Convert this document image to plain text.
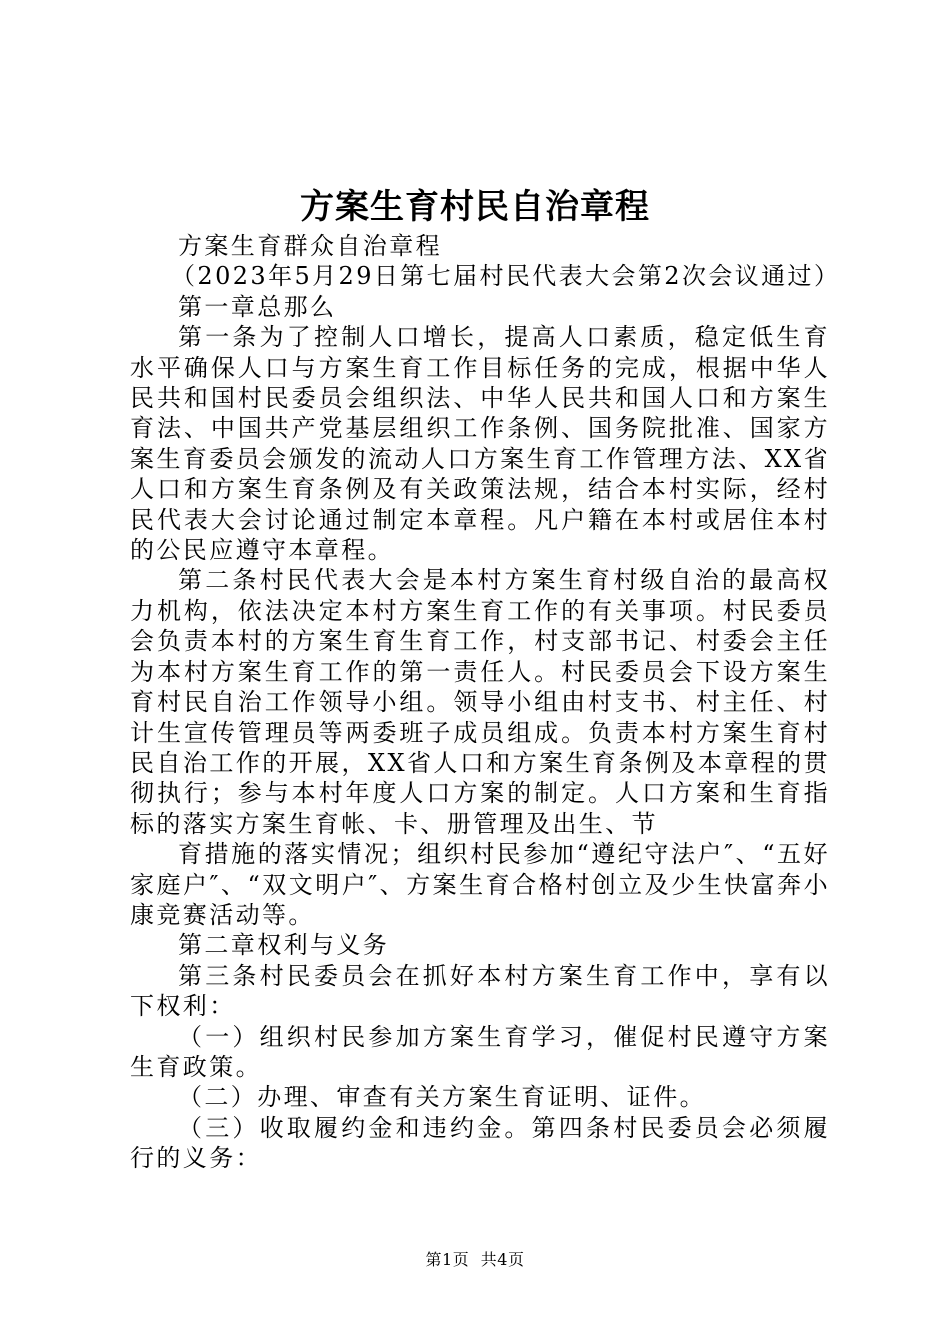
方案生育村民自治章程

方案生育群众自治章程

（2023年5月29日第七届村民代表大会第2次会议通过）

第一章总那么

第一条为了控制人口增长，提高人口素质，稳定低生育水平确保人口与方案生育工作目标任务的完成，根据中华人民共和国村民委员会组织法、中华人民共和国人口和方案生育法、中国共产党基层组织工作条例、国务院批准、国家方案生育委员会颁发的流动人口方案生育工作管理方法、XX省人口和方案生育条例及有关政策法规，结合本村实际，经村民代表大会讨论通过制定本章程。凡户籍在本村或居住本村的公民应遵守本章程。

第二条村民代表大会是本村方案生育村级自治的最高权力机构，依法决定本村方案生育工作的有关事项。村民委员会负责本村的方案生育生育工作，村支部书记、村委会主任为本村方案生育工作的第一责任人。村民委员会下设方案生育村民自治工作领导小组。领导小组由村支书、村主任、村计生宣传管理员等两委班子成员组成。负责本村方案生育村民自治工作的开展，XX省人口和方案生育条例及本章程的贯彻执行；参与本村年度人口方案的制定。人口方案和生育指标的落实方案生育帐、卡、册管理及出生、节

育措施的落实情况；组织村民参加“遵纪守法户″、“五好家庭户″、“双文明户″、方案生育合格村创立及少生快富奔小康竞赛活动等。

第二章权利与义务

第三条村民委员会在抓好本村方案生育工作中，享有以下权利：

（一）组织村民参加方案生育学习，催促村民遵守方案生育政策。

（二）办理、审查有关方案生育证明、证件。

（三）收取履约金和违约金。第四条村民委员会必须履行的义务：

第1页 共4页
